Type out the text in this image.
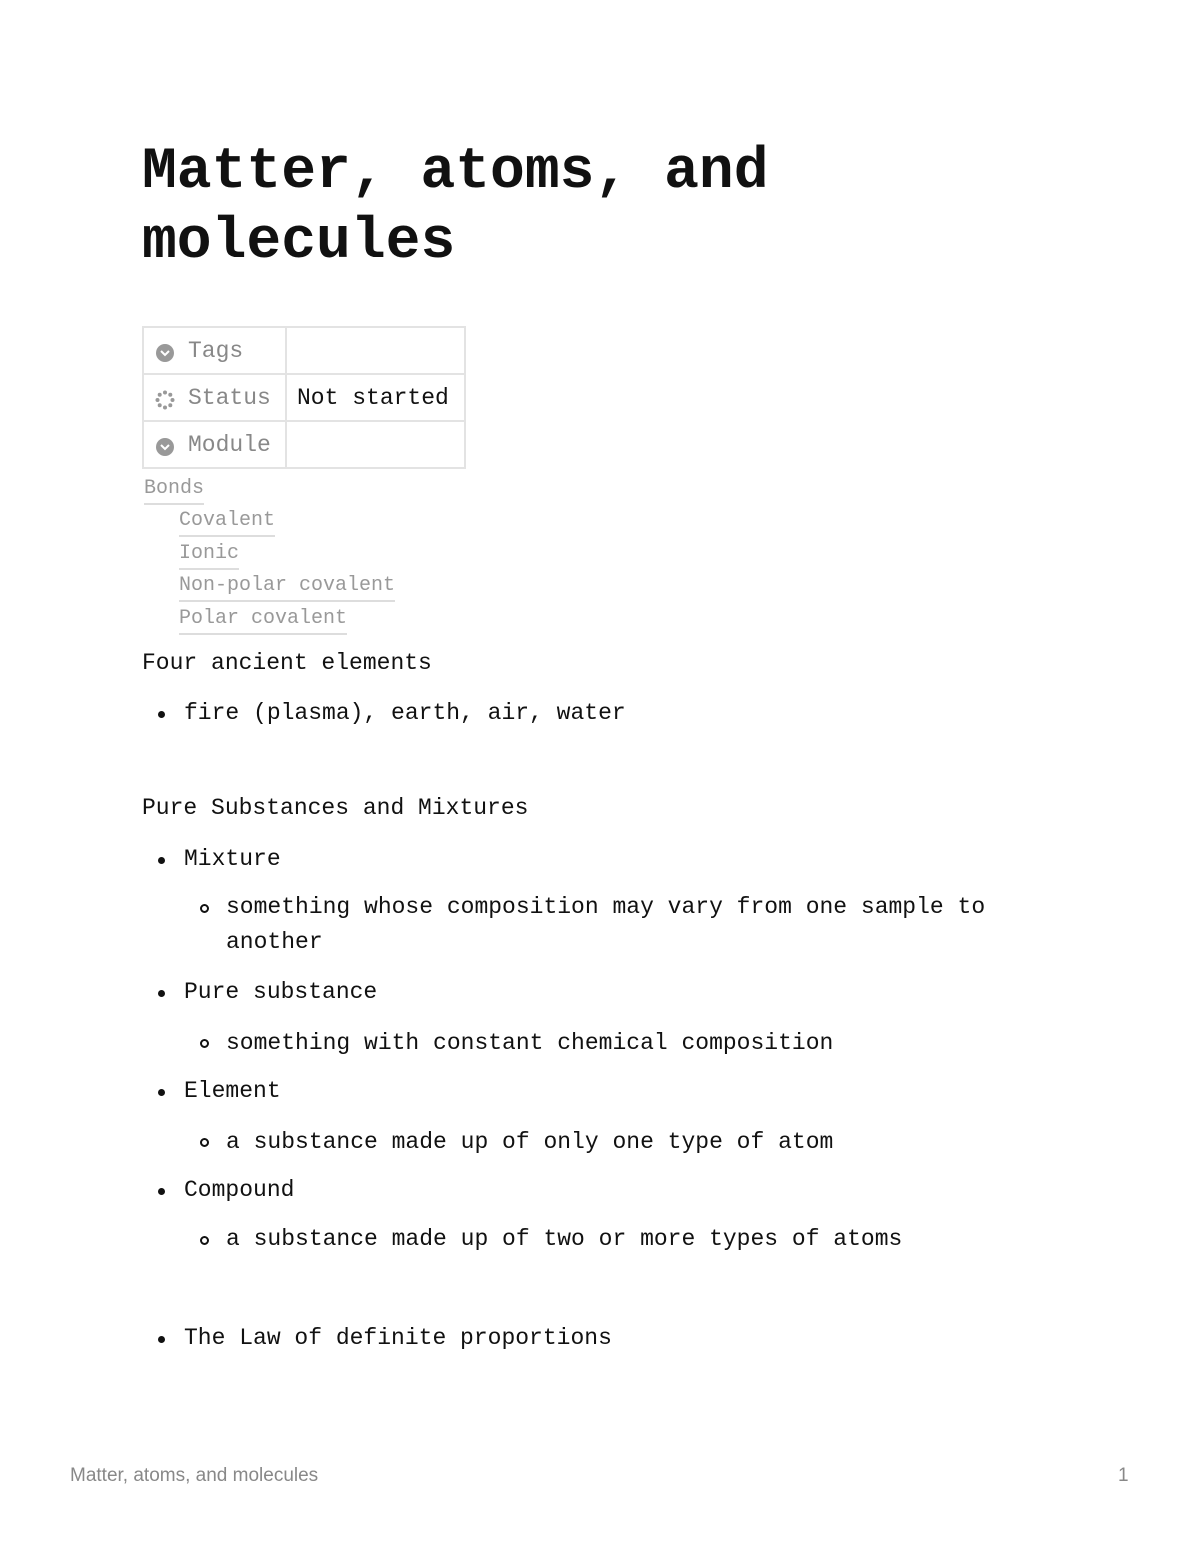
Matter, atoms, and molecules
Tags	

Status	Not started

Module	

Bonds
Covalent
Ionic
Non-polar covalent
Polar covalent
Four ancient elements
fire (plasma), earth, air, water
Pure Substances and Mixtures
Mixture
something whose composition may vary from one sample to another
Pure substance
something with constant chemical composition
Element
a substance made up of only one type of atom
Compound
a substance made up of two or more types of atoms
The Law of definite proportions
Matter, atoms, and molecules	1
